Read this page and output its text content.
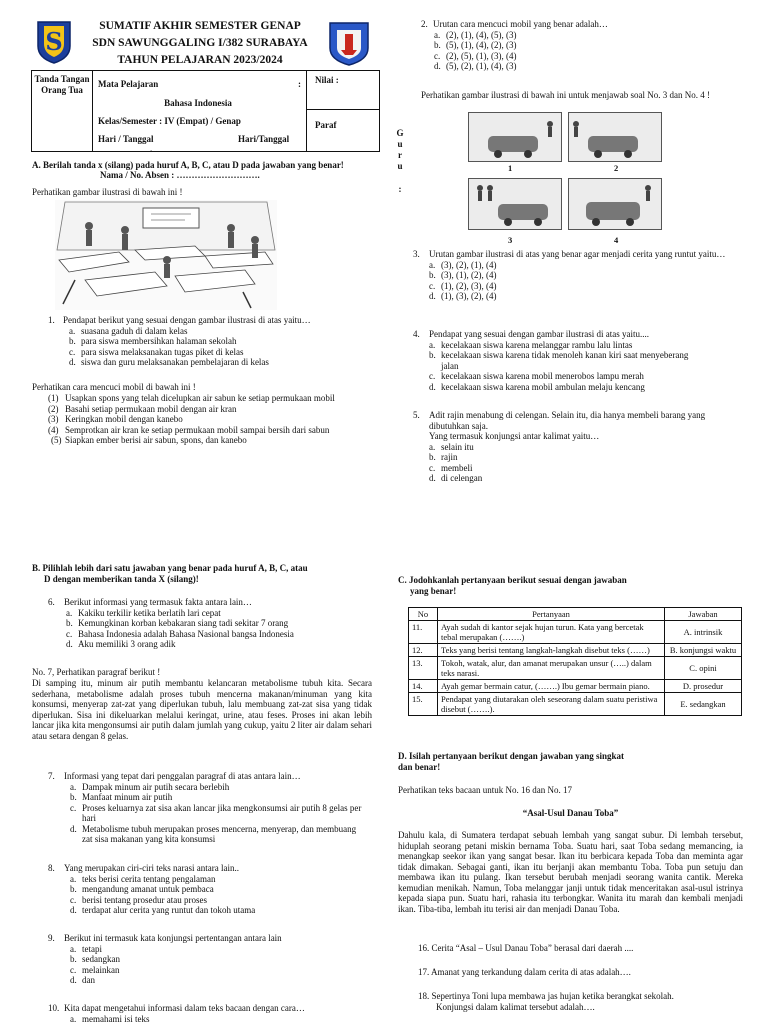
S
SUMATIF AKHIR SEMESTER GENAP
SDN SAWUNGGALING I/382 SURABAYA
TAHUN PELAJARAN 2023/2024
Tanda Tangan Orang Tua
Mata Pelajaran	:
Bahasa Indonesia
Kelas/Semester : IV (Empat) / Genap
Hari / Tanggal	Hari/Tanggal
.
Nilai :
Paraf
G
u
r
u
:
A. Berilah tanda x (silang) pada huruf A, B, C, atau D pada jawaban yang benar!
Nama / No. Absen : ……………………….
Perhatikan gambar ilustrasi di bawah ini !
1. Pendapat berikut yang sesuai dengan gambar ilustrasi di atas yaitu…
a. suasana gaduh di dalam kelas
b. para siswa membersihkan halaman sekolah
c. para siswa melaksanakan tugas piket di kelas
d. siswa dan guru melaksanakan pembelajaran di kelas
Perhatikan cara mencuci mobil di bawah ini !
(1) Usapkan spons yang telah dicelupkan air sabun ke setiap permukaan mobil
(2) Basahi setiap permukaan mobil dengan air kran
(3) Keringkan mobil dengan kanebo
(4) Semprotkan air kran ke setiap permukaan mobil sampai bersih dari sabun
(5) Siapkan ember berisi air sabun, spons, dan kanebo
2. Urutan cara mencuci mobil yang benar adalah…
a. (2), (1), (4), (5), (3)
b. (5), (1), (4), (2), (3)
c. (2), (5), (1), (3), (4)
d. (5), (2), (1), (4), (3)
Perhatikan gambar ilustrasi di bawah ini untuk menjawab soal No. 3 dan No. 4 !
1	2
3	4
3.	Urutan gambar ilustrasi di atas yang benar agar menjadi cerita yang runtut yaitu…
a. (3), (2), (1), (4)
b. (3), (1), (2), (4)
c. (1), (2), (3), (4)
d. (1), (3), (2), (4)
4.	Pendapat yang sesuai dengan gambar ilustrasi di atas yaitu....
a. kecelakaan siswa karena melanggar rambu lalu lintas
b. kecelakaan siswa karena tidak menoleh kanan kiri saat menyeberang jalan
c. kecelakaan siswa karena mobil menerobos lampu merah
d. kecelakaan siswa karena mobil ambulan melaju kencang
5.	Adit rajin menabung di celengan. Selain itu, dia hanya membeli barang yang dibutuhkan saja.
Yang termasuk konjungsi antar kalimat yaitu…
a. selain itu
b. rajin
c. membeli
d. di celengan
B. Pilihlah lebih dari satu jawaban yang benar pada huruf A, B, C, atau
D dengan memberikan tanda X (silang)!
6.	Berikut informasi yang termasuk fakta antara lain…
a. Kakiku terkilir ketika berlatih lari cepat
b. Kemungkinan korban kebakaran siang tadi sekitar 7 orang
c. Bahasa Indonesia adalah Bahasa Nasional bangsa Indonesia
d. Aku memiliki 3 orang adik
No. 7, Perhatikan paragraf berikut !
Di samping itu, minum air putih membantu kelancaran metabolisme tubuh kita. Secara sederhana, metabolisme adalah proses tubuh mencerna makanan/minuman yang kita konsumsi, menyerap zat-zat yang diperlukan tubuh, lalu membuang zat-zat sisa yang tidak diperlukan. Sisa ini dikeluarkan melalui keringat, urine, atau feses. Proses ini akan lebih lancar jika kita mengonsumsi air putih dalam jumlah yang cukup, yaitu 2 liter air dalam sehari atau setara dengan 8 gelas.
7.	Informasi yang tepat dari penggalan paragraf di atas antara lain…
a. Dampak minum air putih secara berlebih
b. Manfaat minum air putih
c. Proses keluarnya zat sisa akan lancar jika mengkonsumsi air putih 8 gelas per hari
d. Metabolisme tubuh merupakan proses mencerna, menyerap, dan membuang zat sisa makanan yang kita konsumsi
8.	Yang merupakan ciri-ciri teks narasi antara lain..
a. teks berisi cerita tentang pengalaman
b. mengandung amanat untuk pembaca
c. berisi tentang prosedur atau proses
d. terdapat alur cerita yang runtut dan tokoh utama
9.	Berikut ini termasuk kata konjungsi pertentangan antara lain
a. tetapi
b. sedangkan
c. melainkan
d. dan
10. Kita dapat mengetahui informasi dalam teks bacaan dengan cara…
a. memahami isi teks
C. Jodohkanlah pertanyaan berikut sesuai dengan jawaban
yang benar!
No	Pertanyaan	Jawaban
11.	Ayah sudah di kantor sejak hujan turun. Kata yang bercetak tebal merupakan (…….)	A. intrinsik
12.	Teks yang berisi tentang langkah-langkah disebut teks (……)	B. konjungsi waktu
13.	Tokoh, watak, alur, dan amanat merupakan unsur (…..) dalam teks narasi.	C. opini
14.	Ayah gemar bermain catur, (…….) Ibu gemar bermain piano.	D. prosedur
15.	Pendapat yang diutarakan oleh seseorang dalam suatu peristiwa disebut (…….).	E. sedangkan
D. Isilah pertanyaan berikut dengan jawaban yang singkat
dan benar!
Perhatikan teks bacaan untuk No. 16 dan No. 17
“Asal-Usul Danau Toba”
Dahulu kala, di Sumatera terdapat sebuah lembah yang sangat subur. Di lembah tersebut, hiduplah seorang petani miskin bernama Toba. Suatu hari, saat Toba sedang memancing, ia menangkap seekor ikan yang sangat besar. Ikan itu berbicara kepada Toba dan meminta agar tidak dimakan. Sebagai ganti, ikan itu berjanji akan membantu Toba. Toba pun setuju dan membawa ikan itu pulang. Ikan tersebut berubah menjadi seorang wanita cantik. Mereka kemudian menikah. Namun, Toba melanggar janji untuk tidak menceritakan asal-usul istrinya kepada siapa pun. Suatu hari, rahasia itu terbongkar. Wanita itu marah dan kembali menjadi ikan. Tiba-tiba, lembah itu terisi air dan menjadi Danau Toba.
16. Cerita “Asal – Usul Danau Toba” berasal dari daerah ....
17. Amanat yang terkandung dalam cerita di atas adalah….
18. Sepertinya Toni lupa membawa jas hujan ketika berangkat sekolah.
Konjungsi dalam kalimat tersebut adalah….
